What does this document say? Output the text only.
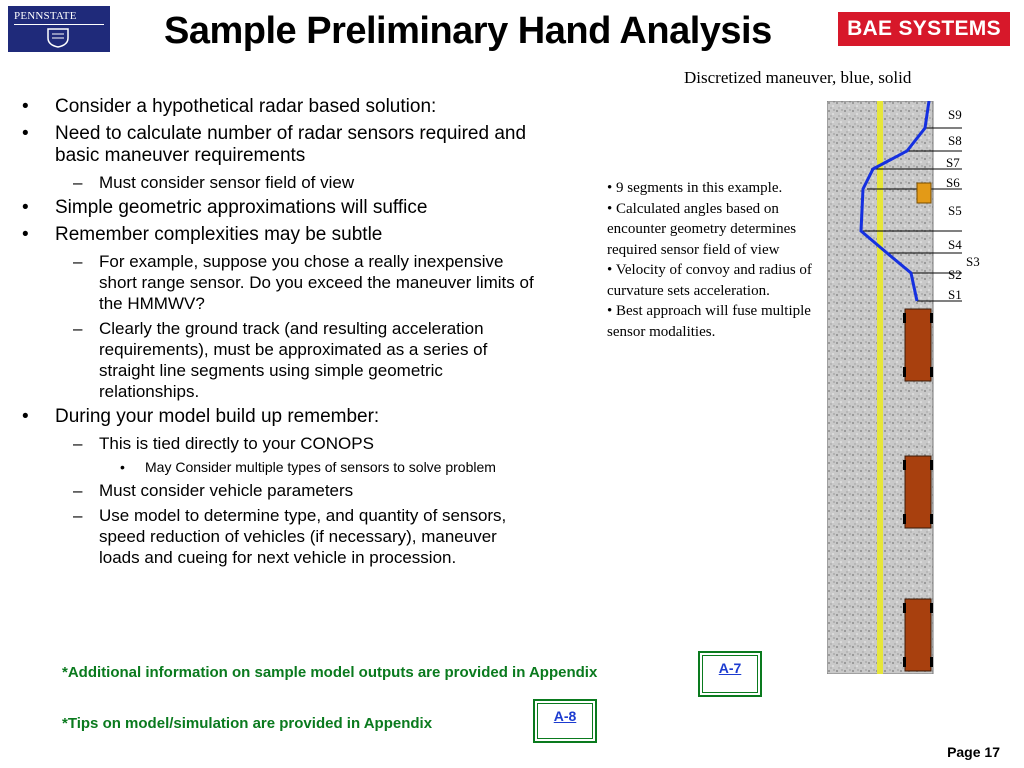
PENNSTATE Sample Preliminary Hand Analysis	BAE SYSTEMS
Discretized maneuver, blue, solid
• Consider a hypothetical radar based solution:
• Need to calculate number of radar sensors required and basic maneuver requirements
– Must consider sensor field of view
• Simple geometric approximations will suffice
• Remember complexities may be subtle
– For example, suppose you chose a really inexpensive short range sensor. Do you exceed the maneuver limits of the HMMWV?
– Clearly the ground track (and resulting acceleration requirements), must be approximated as a series of straight line segments using simple geometric relationships.
• During your model build up remember:
– This is tied directly to your CONOPS
• May Consider multiple types of sensors to solve problem
– Must consider vehicle parameters
– Use model to determine type, and quantity of sensors, speed reduction of vehicles (if necessary), maneuver loads and cueing for next vehicle in procession.
• 9 segments in this example.
• Calculated angles based on encounter geometry determines required sensor field of view
• Velocity of convoy and radius of curvature sets acceleration.
• Best approach will fuse multiple sensor modalities.
S9
S8
S7
S6
S5
S4
S3
S2
S1
*Additional information on sample model outputs are provided in Appendix	A-7
*Tips on model/simulation are provided in Appendix	A-8
Page 17
